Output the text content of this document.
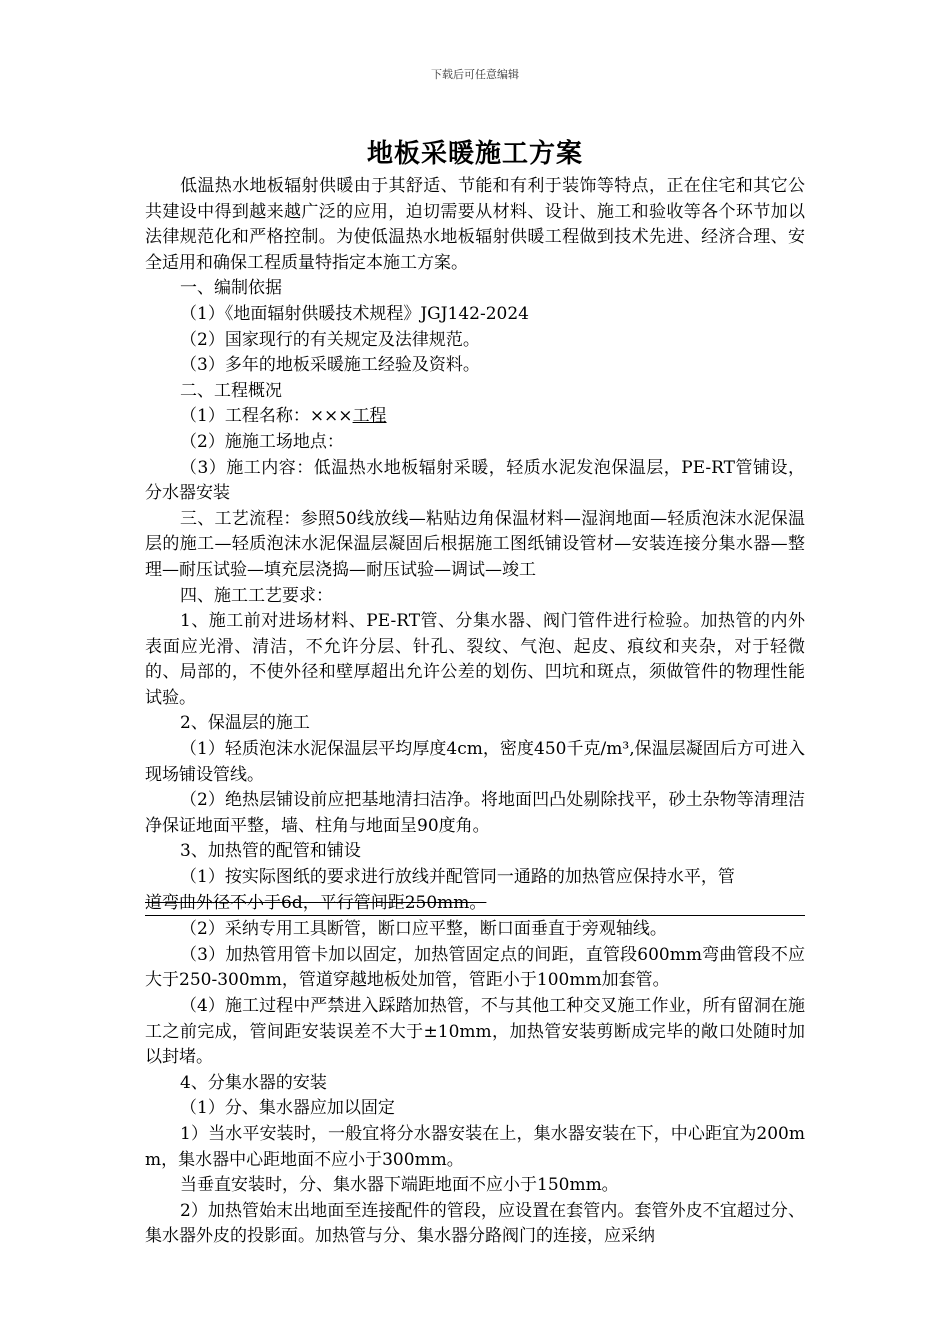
下载后可任意编辑
地板采暖施工方案

低温热水地板辐射供暖由于其舒适、节能和有利于装饰等特点，正在住宅和其它公共建设中得到越来越广泛的应用，迫切需要从材料、设计、施工和验收等各个环节加以法律规范化和严格控制。为使低温热水地板辐射供暖工程做到技术先进、经济合理、安全适用和确保工程质量特指定本施工方案。

一、编制依据

（1）《地面辐射供暖技术规程》JGJ142-2024

（2）国家现行的有关规定及法律规范。

（3）多年的地板采暖施工经验及资料。

二、工程概况

（1）工程名称：×××工程

（2）施施工场地点：

（3）施工内容：低温热水地板辐射采暖，轻质水泥发泡保温层，PE-RT管铺设，分水器安装

三、工艺流程：参照50线放线—粘贴边角保温材料—湿润地面—轻质泡沫水泥保温层的施工—轻质泡沫水泥保温层凝固后根据施工图纸铺设管材—安装连接分集水器—整理—耐压试验—填充层浇捣—耐压试验—调试—竣工

四、施工工艺要求：

1、施工前对进场材料、PE-RT管、分集水器、阀门管件进行检验。加热管的内外表面应光滑、清洁，不允许分层、针孔、裂纹、气泡、起皮、痕纹和夹杂，对于轻微的、局部的，不使外径和壁厚超出允许公差的划伤、凹坑和斑点，须做管件的物理性能试验。

2、保温层的施工

（1）轻质泡沫水泥保温层平均厚度4cm，密度450千克/m³,保温层凝固后方可进入现场铺设管线。

（2）绝热层铺设前应把基地清扫洁净。将地面凹凸处剔除找平，砂土杂物等清理洁净保证地面平整，墙、柱角与地面呈90度角。

3、加热管的配管和铺设

（1）按实际图纸的要求进行放线并配管同一通路的加热管应保持水平，管

道弯曲外径不小于6d，平行管间距250mm。

（2）采纳专用工具断管，断口应平整，断口面垂直于旁观轴线。

（3）加热管用管卡加以固定，加热管固定点的间距，直管段600mm弯曲管段不应大于250-300mm，管道穿越地板处加管，管距小于100mm加套管。

（4）施工过程中严禁进入踩踏加热管，不与其他工种交叉施工作业，所有留洞在施工之前完成，管间距安装误差不大于±10mm，加热管安装剪断成完毕的敞口处随时加以封堵。

4、分集水器的安装

（1）分、集水器应加以固定

1）当水平安装时，一般宜将分水器安装在上，集水器安装在下，中心距宜为200mm，集水器中心距地面不应小于300mm。

当垂直安装时，分、集水器下端距地面不应小于150mm。

2）加热管始末出地面至连接配件的管段，应设置在套管内。套管外皮不宜超过分、集水器外皮的投影面。加热管与分、集水器分路阀门的连接，应采纳
